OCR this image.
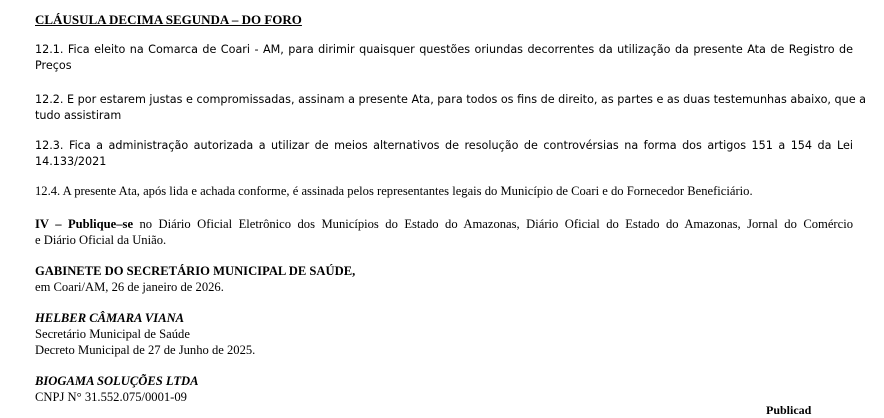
CLÁUSULA DECIMA SEGUNDA – DO FORO
12.1. Fica eleito na Comarca de Coari - AM, para dirimir quaisquer questões oriundas decorrentes da utilização da presente Ata de Registro de
Preços
12.2. E por estarem justas e compromissadas, assinam a presente Ata, para todos os fins de direito, as partes e as duas testemunhas abaixo, que a
tudo assistiram
12.3. Fica a administração autorizada a utilizar de meios alternativos de resolução de controvérsias na forma dos artigos 151 a 154 da Lei
14.133/2021
12.4. A presente Ata, após lida e achada conforme, é assinada pelos representantes legais do Município de Coari e do Fornecedor Beneficiário.
IV – Publique–se no Diário Oficial Eletrônico dos Municípios do Estado do Amazonas, Diário Oficial do Estado do Amazonas, Jornal do Comércio
e Diário Oficial da União.
GABINETE DO SECRETÁRIO MUNICIPAL DE SAÚDE,
em Coari/AM, 26 de janeiro de 2026.
HELBER CÂMARA VIANA
Secretário Municipal de Saúde
Decreto Municipal de 27 de Junho de 2025.
BIOGAMA SOLUÇÕES LTDA
CNPJ N° 31.552.075/0001-09
Publicad
